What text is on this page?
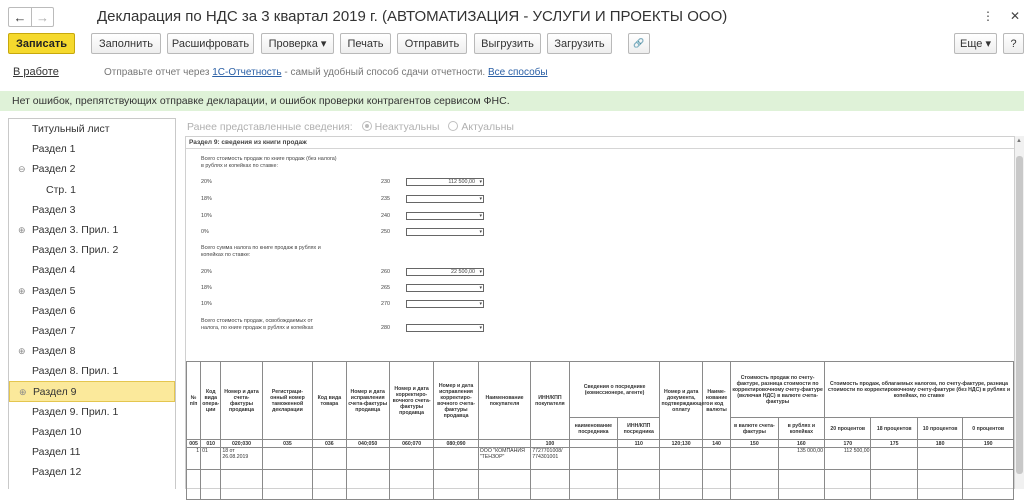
← →	Декларация по НДС за 3 квартал 2019 г. (АВТОМАТИЗАЦИЯ - УСЛУГИ И ПРОЕКТЫ ООО)	⋮ ✕
Записать	Заполнить	Расшифровать	Проверка
▾	Печать	Отправить	Выгрузить	Загрузить	🔗	Еще
▾	?
В работе	Отправьте отчет через 1С-Отчетность - самый удобный способ сдачи отчетности. Все способы
Нет ошибок, препятствующих отправке декларации, и ошибок проверки контрагентов сервисом ФНС.
Титульный лист
Раздел 1
⊖ Раздел 2
Стр. 1
Раздел 3
⊕ Раздел 3. Прил. 1
Раздел 3. Прил. 2
Раздел 4
⊕ Раздел 5
Раздел 6
Раздел 7
⊕ Раздел 8
Раздел 8. Прил. 1
⊕ Раздел 9
Раздел 9. Прил. 1
Раздел 10
Раздел 11
Раздел 12
Ранее представленные сведения: Неактуальны Актуальны
Раздел 9: сведения из книги продаж
Всего стоимость продаж по книге продаж (без налога)
в рублях и копейках по ставке:
20%	230	112 500,00 ▾
18%	235	▾
10%	240	▾
0%	250	▾
Всего сумма налога по книге продаж в рублях и
копейках по ставке:
20%	260	22 500,00 ▾
18%	265	▾
10%	270	▾
Всего стоимость продаж, освобождаемых от
налога, по книге продаж в рублях и копейках	280	▾
№ п/п	Код вида опера-ции	Номер и дата счета-фактуры продавца	Регистраци-онный номер таможенной декларации	Код вида товара	Номер и дата исправления счета-фактуры продавца	Номер и дата корректиро-вочного счета-фактуры продавца	Номер и дата исправления корректиро-вочного счета-фактуры продавца	Наименование покупателя	ИНН/КПП покупателя	Сведения о посреднике (комиссионере, агенте)		Номер и дата документа, подтверждающего оплату	Наиме-нование и код валюты	Стоимость продаж по счету-фактуре, разница стоимости по корректировочному счету-фактуре (включая НДС) в валюте счета-фактуры		Стоимость продаж, облагаемых налогом, по счету-фактуре, разница стоимости по корректировочному счету-фактуре (без НДС) в рублях и копейках, по ставке			
										наименование посредника	ИНН/КПП посредника			в валюте счета-фактуры	в рублях и копейках	20 процентов	18 процентов	10 процентов	0 процентов
005	010	020;030	035	036	040;050	060;070	080;090		100		110	120;130	140	150	160	170	175	180	190
1	01	18 от 26.08.2019						ООО "КОМПАНИЯ "ТЕНЗОР"	7727701008/ 774301001						135 000,00	112 500,00			

▲
